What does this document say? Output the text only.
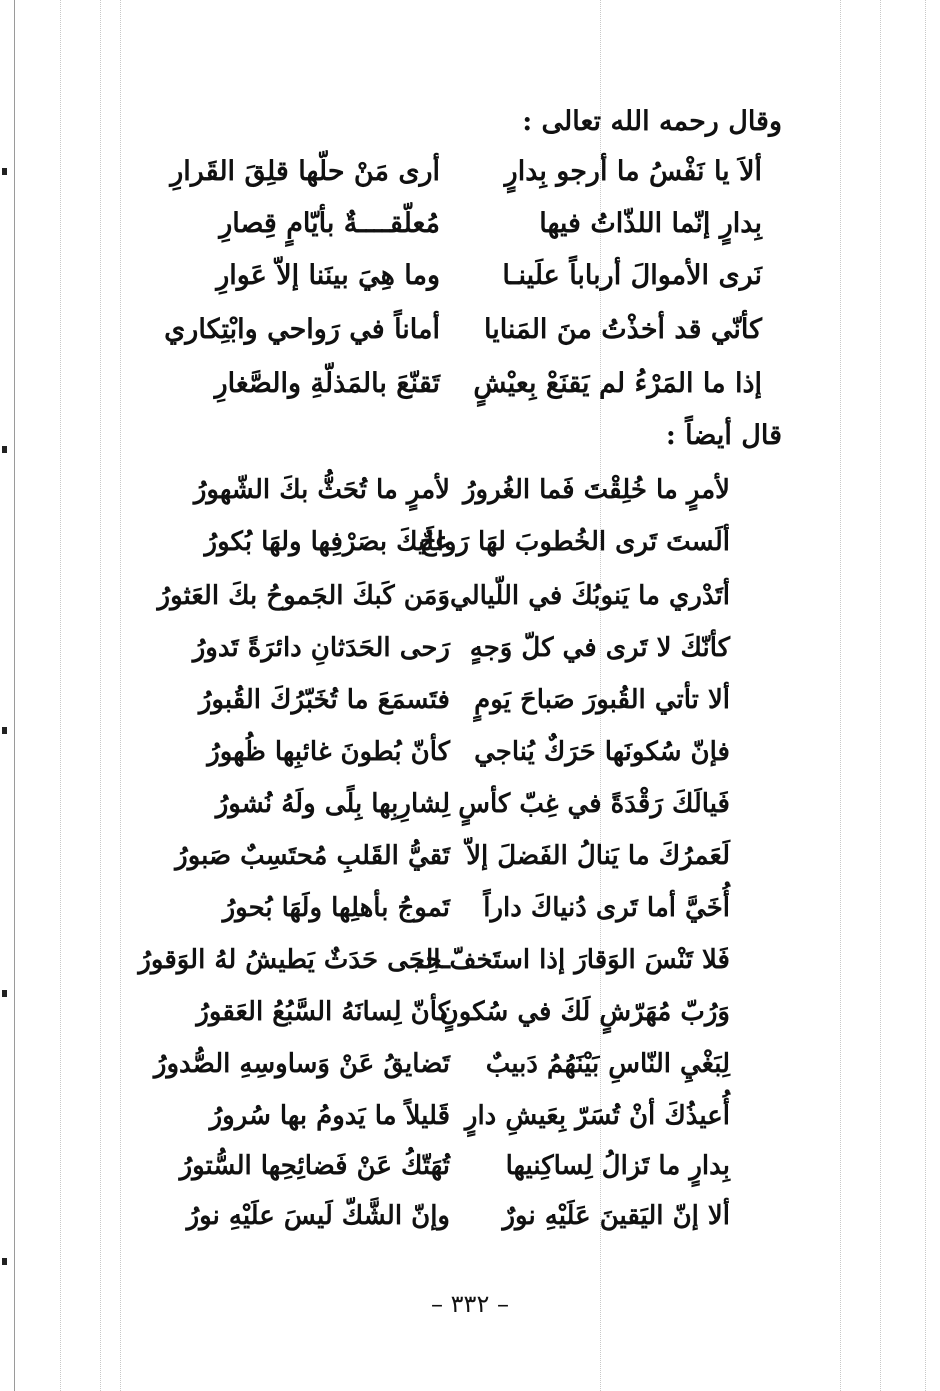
وقال رحمه الله تعالى :
ألاَ يا نَفْسُ ما أرجو بِدارٍ
أرى مَنْ حلّها قلِقَ القَرارِ
بِدارٍ إنّما اللذّاتُ فيها
مُعلّقــــةٌ بأيّامٍ قِصارِ
نَرى الأموالَ أرباباً علَينـا
وما هِيَ بينَنا إلاّ عَوارِ
كأنّي قد أخذْتُ منَ المَنايا
أماناً في رَواحي وابْتِكاري
إذا ما المَرْءُ لم يَقنَعْ بِعيْشٍ
تَقنّعَ بالمَذلّةِ والصَّغارِ
قال أيضاً :
لأمرٍ ما خُلِقْتَ فَما الغُرورُ
لأمرٍ ما تُحَثُّ بكَ الشّهورُ
ألَستَ تَرى الخُطوبَ لهَا رَواحٌ
علَيكَ بصَرْفِها ولهَا بُكورُ
أتَدْري ما يَنوبُكَ في اللّيالي
وَمَن كَبكَ الجَموحُ بكَ العَثورُ
كأنّكَ لا تَرى في كلّ وَجهٍ
رَحى الحَدَثانِ دائرَةً تَدورُ
ألا تأتي القُبورَ صَباحَ يَومٍ
فتَسمَعَ ما تُخَبّرُكَ القُبورُ
فإنّ سُكونَها حَرَكٌ يُناجي
كأنّ بُطونَ غائبِها ظُهورُ
فَيالَكَ رَقْدَةً في غِبّ كأسٍ
لِشارِبِها بِلًى ولَهُ نُشورُ
لَعَمرُكَ ما يَنالُ الفَضلَ إلاّ
تَقيُّ القَلبِ مُحتَسِبٌ صَبورُ
أُخَيَّ أما تَرى دُنياكَ داراً
تَموجُ بأهلِها ولَهَا بُحورُ
فَلا تَنْسَ الوَقارَ إذا استَخفّ الـ
ـحِجَى حَدَثٌ يَطيشُ لهُ الوَقورُ
وَرُبّ مُهَرّشٍ لَكَ في سُكونٍ
كأنّ لِسانَهُ السَّبُعُ العَقورُ
لِبَغْيِ النّاسِ بَيْنَهُمُ دَبيبٌ
تَضايقُ عَنْ وَساوسِهِ الصُّدورُ
أُعيذُكَ أنْ تُسَرّ بِعَيشِ دارٍ
قَليلاً ما يَدومُ بها سُرورُ
بِدارٍ ما تَزالُ لِساكِنيها
تُهَتّكُ عَنْ فَضائِحِها السُّتورُ
ألا إنّ اليَقينَ عَلَيْهِ نورٌ
وإنّ الشَّكّ لَيسَ علَيْهِ نورُ
– ٣٣٢ –
